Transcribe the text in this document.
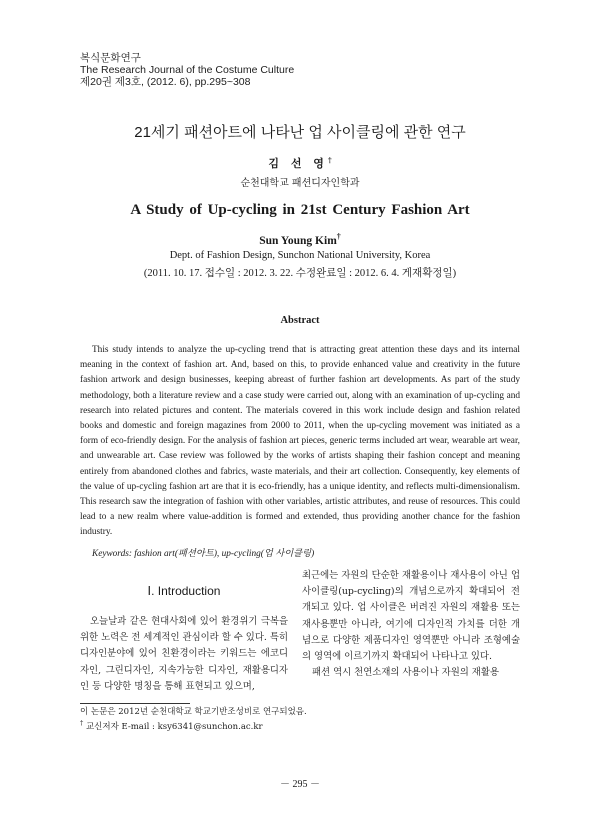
복식문화연구
The Research Journal of the Costume Culture
제20권 제3호, (2012. 6), pp.295~308
21세기 패션아트에 나타난 업 사이클링에 관한 연구
김 선 영†
순천대학교 패션디자인학과
A Study of Up-cycling in 21st Century Fashion Art
Sun Young Kim†
Dept. of Fashion Design, Sunchon National University, Korea
(2011. 10. 17. 접수일 : 2012. 3. 22. 수정완료일 : 2012. 6. 4. 게재확정일)
Abstract

This study intends to analyze the up-cycling trend that is attracting great attention these days and its internal meaning in the context of fashion art. And, based on this, to provide enhanced value and creativity in the future fashion artwork and design businesses, keeping abreast of further fashion art developments. As part of the study methodology, both a literature review and a case study were carried out, along with an examination of up-cycling and research into related pictures and content. The materials covered in this work include design and fashion related books and domestic and foreign magazines from 2000 to 2011, when the up-cycling movement was initiated as a form of eco-friendly design. For the analysis of fashion art pieces, generic terms included art wear, wearable art wear, and unwearable art. Case review was followed by the works of artists shaping their fashion concept and meaning entirely from abandoned clothes and fabrics, waste materials, and their art collection. Consequently, key elements of the value of up-cycling fashion art are that it is eco-friendly, has a unique identity, and reflects multi-dimensionalism. This research saw the integration of fashion with other variables, artistic attributes, and reuse of resources. This could lead to a new realm where value-addition is formed and extended, thus providing another chance for the fashion industry.

Keywords: fashion art(패션아트), up-cycling(업 사이클링)
Ⅰ. Introduction

오늘날과 같은 현대사회에 있어 환경위기 극복을 위한 노력은 전 세계적인 관심이라 할 수 있다. 특히 디자인분야에 있어 친환경이라는 키워드는 에코디자인, 그린디자인, 지속가능한 디자인, 재활용디자인 등 다양한 명칭을 통해 표현되고 있으며,

최근에는 자원의 단순한 재활용이나 재사용이 아닌 업 사이클링(up-cycling)의 개념으로까지 확대되어 전개되고 있다. 업 사이클은 버려진 자원의 재활용 또는 재사용뿐만 아니라, 여기에 디자인적 가치를 더한 개념으로 다양한 제품디자인 영역뿐만 아니라 조형예술의 영역에 이르기까지 확대되어 나타나고 있다.

패션 역시 천연소재의 사용이나 자원의 재활용

이 논문은 2012년 순천대학교 학교기반조성비로 연구되었음.
† 교신저자 E-mail : ksy6341@sunchon.ac.kr
－ 295 －
